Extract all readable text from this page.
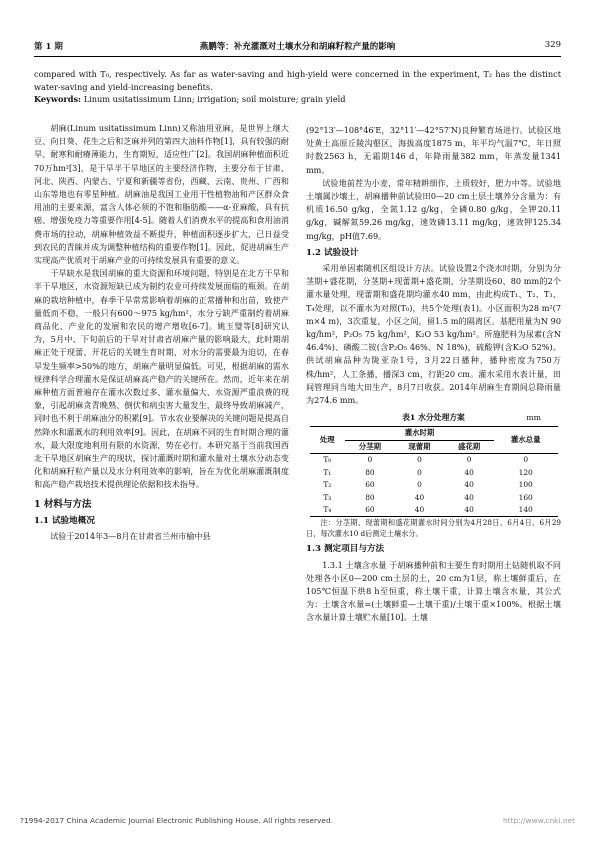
第 1 期	燕鹏等：补充灌溉对土壤水分和胡麻籽粒产量的影响	329
compared with T₀, respectively. As far as water-saving and high-yield were concerned in the experiment, T₂ has the distinct water-saving and yield-increasing benefits.
Keywords: Linum usitatissimum Linn; irrigation; soil moisture; grain yield

胡麻(Linum usitatissimum Linn)又称油用亚麻，是世界上继大豆、向日葵、花生之后和芝麻并列的第四大油料作物[1]，具有较强的耐旱、耐寒和耐瘠薄能力，生育期短，适应性广[2]。我国胡麻种植面积近70万hm²[3]，是干旱半干旱地区的主要经济作物，主要分布于甘肃、河北、陕西、内蒙古、宁夏和新疆等省份，西藏、云南、贵州、广西和山东等地也有零星种植。胡麻油是我国工业用干性植物油和产区群众食用油的主要来源，富含人体必须的不饱和脂肪酸——α-亚麻酸，具有抗癌、增强免疫力等重要作用[4-5]。随着人们消费水平的提高和食用油消费市场的拉动，胡麻种植效益不断提升，种植面积逐步扩大，已日益受到农民的青睐并成为调整种植结构的重要作物[1]。因此，促进胡麻生产实现高产优质对于胡麻产业的可持续发展具有重要的意义。

干旱缺水是我国胡麻的重大资源和环境问题，特别是在北方干旱和半干旱地区，水资源短缺已成为制约农业可持续发展面临的瓶颈。在胡麻的栽培种植中，春季干旱常常影响着胡麻的正常播种和出苗，致使产量低而不稳，一般只有600～975 kg/hm²，水分亏缺严重制约着胡麻商品化、产业化的发展和农民的增产增收[6-7]。姚玉璧等[8]研究认为，5月中、下旬前后的干旱对甘肃省胡麻产量的影响最大，此时期胡麻正处于现蕾、开花后的关键生育时期，对水分的需要最为迫切，在春旱发生频率>50%的地方，胡麻产量明显偏低。可见，根据胡麻的需水规律科学合理灌水是保证胡麻高产稳产的关键所在。然而，近年来在胡麻种植方面普遍存在灌水次数过多、灌水量偏大、水资源严重浪费的现象，引起胡麻贪青晚熟、倒伏和病虫害大量发生，最终导致胡麻减产，同时也不利于胡麻油分的积累[9]。节水农业要解决的关键问题是提高自然降水和灌溉水的利用效率[9]。因此，在胡麻不同的生育时期合理的灌水，最大限度地利用有限的水资源，势在必行。本研究基于当前我国西北干旱地区胡麻生产的现状，探讨灌溉时期和灌水量对土壤水分动态变化和胡麻籽粒产量以及水分利用效率的影响，旨在为优化胡麻灌溉制度和高产稳产栽培技术提供理论依据和技术指导。

1 材料与方法
1.1 试验地概况

试验于2014年3—8月在甘肃省兰州市榆中县

(92°13′—108°46′E，32°11′—42°57′N)良种繁育场进行。试验区地处黄土高原丘陵沟壑区，海拔高度1875 m，年平均气温7℃，年日照时数2563 h，无霜期146 d，年降雨量382 mm，年蒸发量1341 mm。

试验地前茬为小麦，常年精耕细作，土质较好，肥力中等。试验地土壤属沙壤土，胡麻播种前试验田0—20 cm土层土壤养分含量为：有机质16.50 g/kg，全氮1.12 g/kg，全磷0.80 g/kg，全钾20.11 g/kg，碱解氮59.26 mg/kg，速效磷13.11 mg/kg，速效钾125.34 mg/kg，pH值7.69。

1.2 试验设计

采用单因素随机区组设计方法。试验设置2个浇水时期，分别为分茎期+盛花期，分茎期+现蕾期+盛花期，分茎期设60、80 mm的2个灌水量处理，现蕾期和盛花期均灌水40 mm，由此构成T₁、T₂、T₃、T₄处理，以不灌水为对照(T₀)，共5个处理(表1)。小区面积为28 m²(7 m×4 m)，3次重复，小区之间，留1.5 m的隔离区。基肥用量为N 90 kg/hm²，P₂O₅ 75 kg/hm²，K₂O 53 kg/hm²。所施肥料为尿素(含N 46.4%)、磷酸二铵(含P₂O₅ 46%、N 18%)，硫酸钾(含K₂O 52%)。供试胡麻品种为陇亚杂1号，3月22日播种，播种密度为750万株/hm²，人工条播，播深3 cm，行距20 cm。灌水采用水表计量，田间管理同当地大田生产，8月7日收获。2014年胡麻生育期间总降雨量为274.6 mm。

表1 水分处理方案	mm
处理	灌水时期			灌水总量
	分茎期	现蕾期	盛花期	
T₀	0	0	0	0
T₁	80	0	40	120
T₂	60	0	40	100
T₃	80	40	40	160
T₄	60	40	40	140

注：分茎期、现蕾期和盛花期灌水时间分别为4月28日、6月4日、6月29日，每次灌水10 d后测定土壤水分。

1.3 测定项目与方法

1.3.1 土壤含水量 于胡麻播种前和主要生育时期用土钻随机取不同处理各小区0—200 cm土层的土，20 cm为1层，称土壤鲜重后，在105℃恒温下烘8 h至恒重，称土壤干重，计算土壤含水量，其公式为：土壤含水量=(土壤鲜重—土壤干重)/土壤干重×100%。根据土壤含水量计算土壤贮水量[10]。土壤

?1994-2017 China Academic Journal Electronic Publishing House. All rights reserved.	http://www.cnki.net
